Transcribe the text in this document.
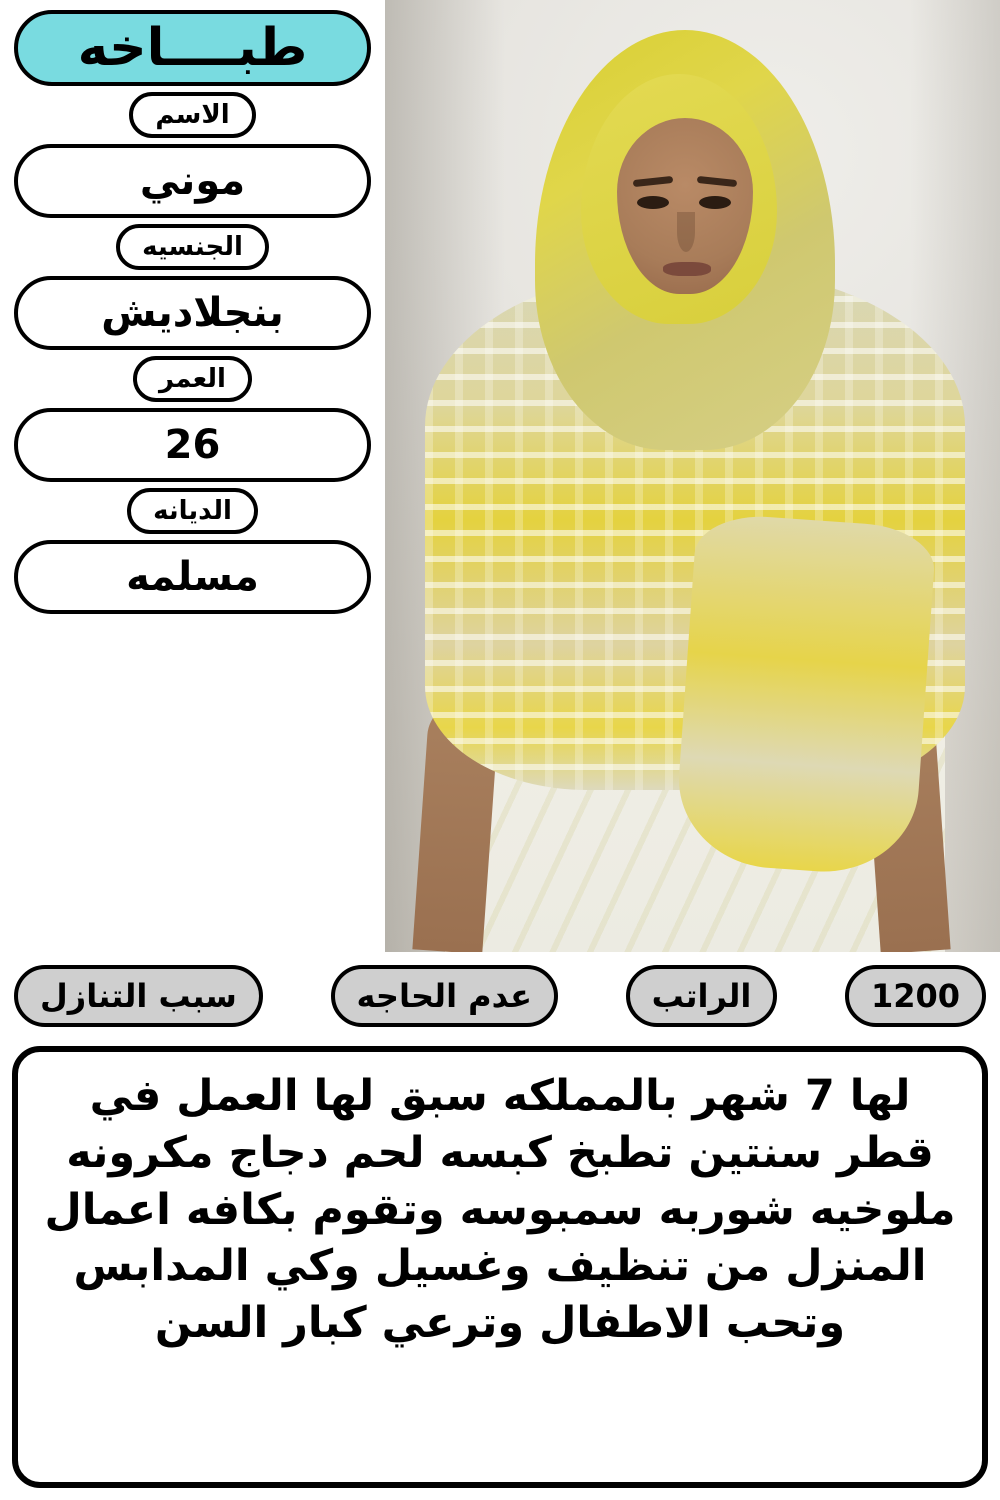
طبــــاخه
الاسم
موني
الجنسيه
بنجلاديش
العمر
26
الديانه
مسلمه
1200
الراتب
عدم الحاجه
سبب التنازل
لها 7 شهر بالمملكه سبق لها العمل في قطر سنتين تطبخ كبسه لحم دجاج مكرونه ملوخيه شوربه سمبوسه وتقوم بكافه اعمال المنزل من تنظيف وغسيل وكي المدابس وتحب الاطفال وترعي كبار السن
